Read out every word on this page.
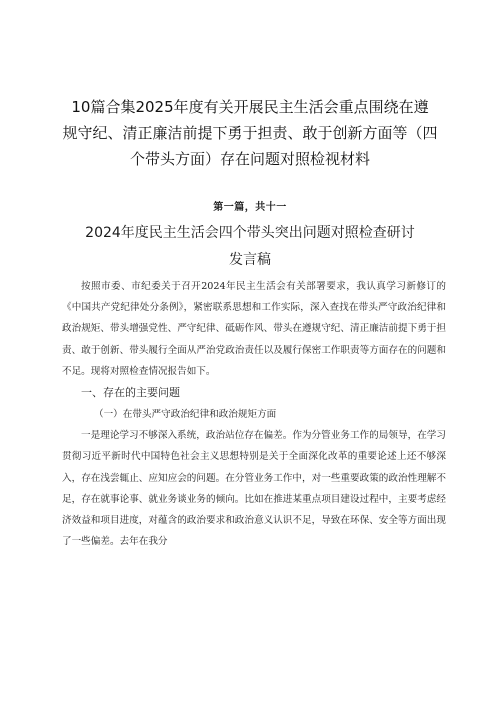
10篇合集2025年度有关开展民主生活会重点围绕在遵
规守纪、清正廉洁前提下勇于担责、敢于创新方面等（四
个带头方面）存在问题对照检视材料
第一篇，共十一
2024年度民主生活会四个带头突出问题对照检查研讨
发言稿

按照市委、市纪委关于召开2024年民主生活会有关部署要求，我认真学习新修订的《中国共产党纪律处分条例》，紧密联系思想和工作实际，深入查找在带头严守政治纪律和政治规矩、带头增强党性、严守纪律、砥砺作风、带头在遵规守纪、清正廉洁前提下勇于担责、敢于创新、带头履行全面从严治党政治责任以及履行保密工作职责等方面存在的问题和不足。现将对照检查情况报告如下。

一、存在的主要问题

（一）在带头严守政治纪律和政治规矩方面

一是理论学习不够深入系统，政治站位存在偏差。作为分管业务工作的局领导，在学习贯彻习近平新时代中国特色社会主义思想特别是关于全面深化改革的重要论述上还不够深入，存在浅尝辄止、应知应会的问题。在分管业务工作中，对一些重要政策的政治性理解不足，存在就事论事、就业务谈业务的倾向。比如在推进某重点项目建设过程中，主要考虑经济效益和项目进度，对蕴含的政治要求和政治意义认识不足，导致在环保、安全等方面出现了一些偏差。去年在我分
